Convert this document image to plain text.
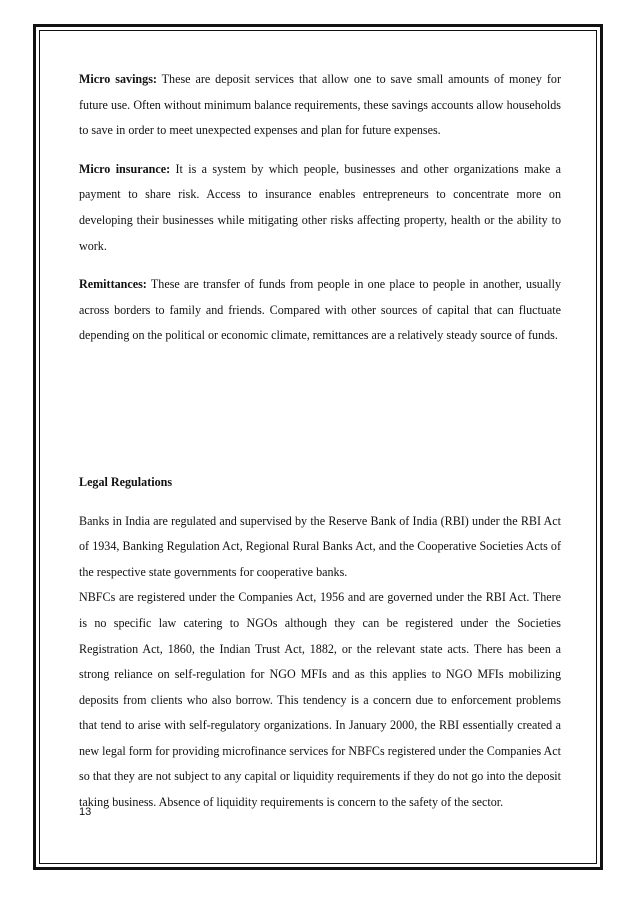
Micro savings: These are deposit services that allow one to save small amounts of money for future use. Often without minimum balance requirements, these savings accounts allow households to save in order to meet unexpected expenses and plan for future expenses.

Micro insurance: It is a system by which people, businesses and other organizations make a payment to share risk. Access to insurance enables entrepreneurs to concentrate more on developing their businesses while mitigating other risks affecting property, health or the ability to work.

Remittances: These are transfer of funds from people in one place to people in another, usually across borders to family and friends. Compared with other sources of capital that can fluctuate depending on the political or economic climate, remittances are a relatively steady source of funds.

Legal Regulations

Banks in India are regulated and supervised by the Reserve Bank of India (RBI) under the RBI Act of 1934, Banking Regulation Act, Regional Rural Banks Act, and the Cooperative Societies Acts of the respective state governments for cooperative banks.

NBFCs are registered under the Companies Act, 1956 and are governed under the RBI Act. There is no specific law catering to NGOs although they can be registered under the Societies Registration Act, 1860, the Indian Trust Act, 1882, or the relevant state acts. There has been a strong reliance on self-regulation for NGO MFIs and as this applies to NGO MFIs mobilizing deposits from clients who also borrow. This tendency is a concern due to enforcement problems that tend to arise with self-regulatory organizations. In January 2000, the RBI essentially created a new legal form for providing microfinance services for NBFCs registered under the Companies Act so that they are not subject to any capital or liquidity requirements if they do not go into the deposit taking business. Absence of liquidity requirements is concern to the safety of the sector.

13
